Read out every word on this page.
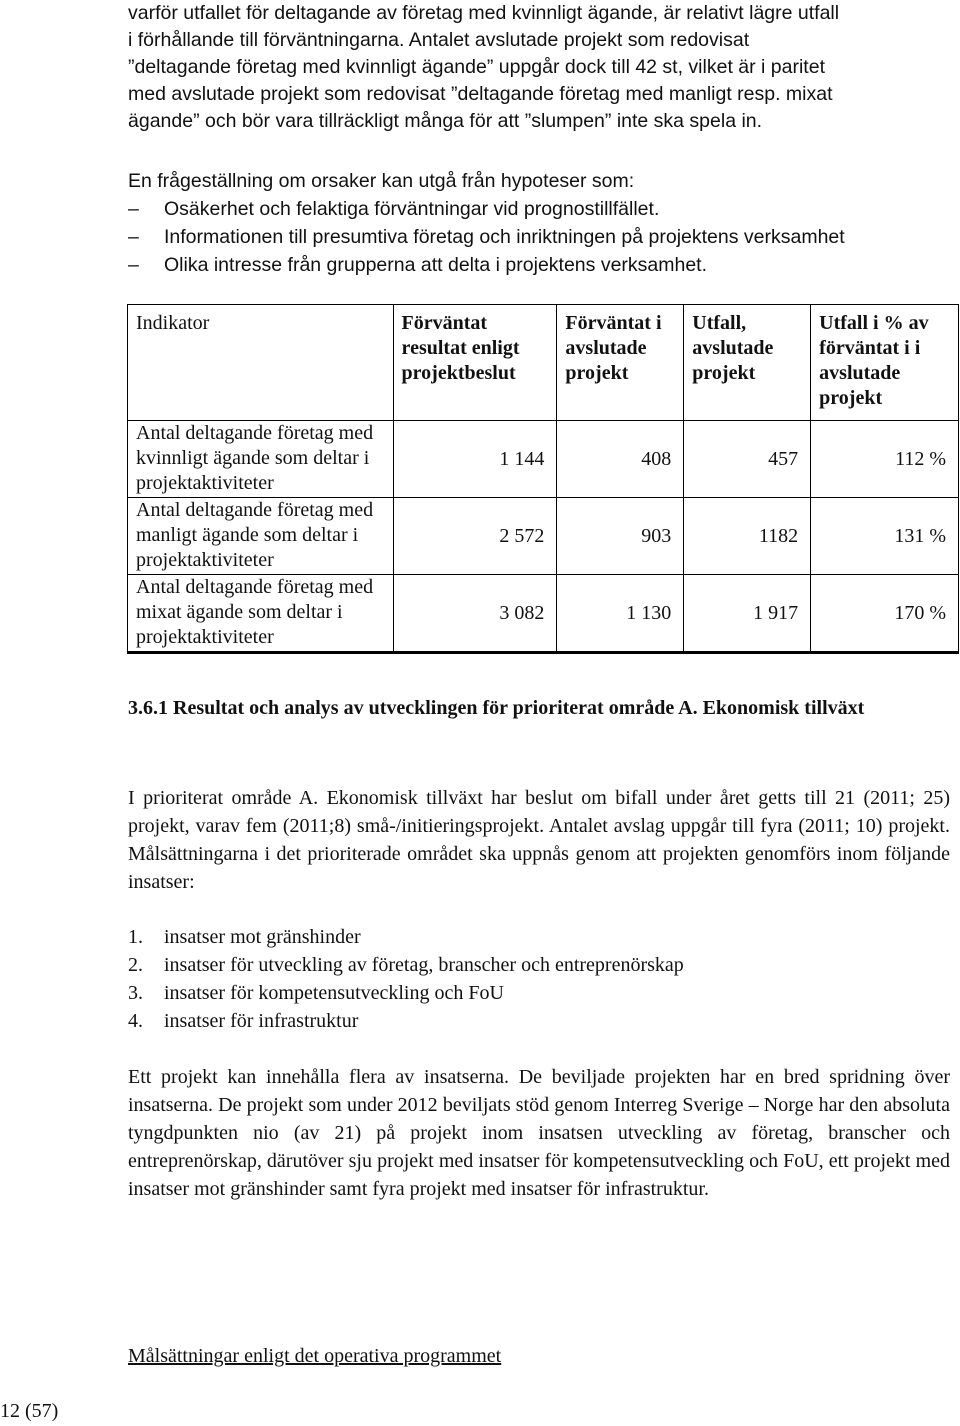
varför utfallet för deltagande av företag med kvinnligt ägande, är relativt lägre utfall
i förhållande till förväntningarna. Antalet avslutade projekt som redovisat
”deltagande företag med kvinnligt ägande” uppgår dock till 42 st, vilket är i paritet
med avslutade projekt som redovisat ”deltagande företag med manligt resp. mixat
ägande” och bör vara tillräckligt många för att ”slumpen” inte ska spela in.
En frågeställning om orsaker kan utgå från hypoteser som:
– Osäkerhet och felaktiga förväntningar vid prognostillfället.
– Informationen till presumtiva företag och inriktningen på projektens verksamhet
– Olika intresse från grupperna att delta i projektens verksamhet.
Indikator	Förväntat resultat enligt projektbeslut	Förväntat i avslutade projekt	Utfall, avslutade projekt	Utfall i % av förväntat i i avslutade projekt
Antal deltagande företag med kvinnligt ägande som deltar i projektaktiviteter	1 144	408	457	112 %
Antal deltagande företag med manligt ägande som deltar i projektaktiviteter	2 572	903	1182	131 %
Antal deltagande företag med mixat ägande som deltar i projektaktiviteter	3 082	1 130	1 917	170 %
3.6.1 Resultat och analys av utvecklingen för prioriterat område A. Ekonomisk tillväxt
I prioriterat område A. Ekonomisk tillväxt har beslut om bifall under året getts till 21 (2011; 25) projekt, varav fem (2011;8) små-/initieringsprojekt. Antalet avslag uppgår till fyra (2011; 10) projekt. Målsättningarna i det prioriterade området ska uppnås genom att projekten genomförs inom följande insatser:
1. insatser mot gränshinder
2. insatser för utveckling av företag, branscher och entreprenörskap
3. insatser för kompetensutveckling och FoU
4. insatser för infrastruktur
Ett projekt kan innehålla flera av insatserna. De beviljade projekten har en bred spridning över insatserna. De projekt som under 2012 beviljats stöd genom Interreg Sverige – Norge har den absoluta tyngdpunkten nio (av 21) på projekt inom insatsen utveckling av företag, branscher och entreprenörskap, därutöver sju projekt med insatser för kompetensutveckling och FoU, ett projekt med insatser mot gränshinder samt fyra projekt med insatser för infrastruktur.
Målsättningar enligt det operativa programmet
12 (57)
